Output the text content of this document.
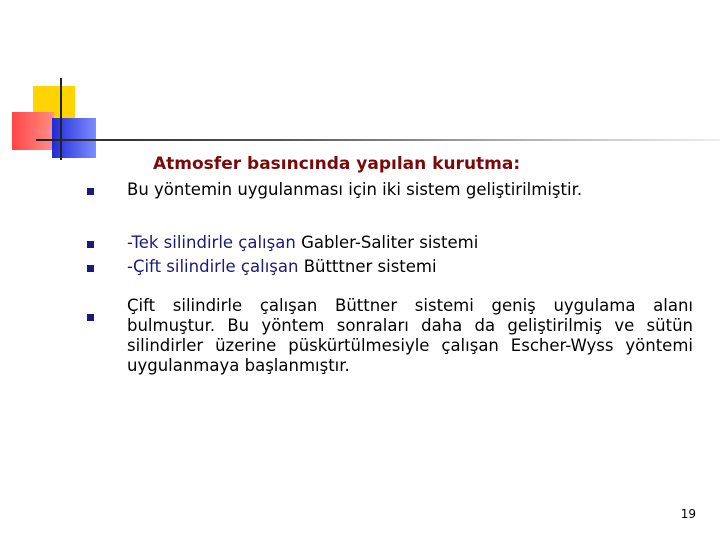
Atmosfer basıncında yapılan kurutma:
Bu yöntemin uygulanması için iki sistem geliştirilmiştir.
-Tek silindirle çalışan Gabler-Saliter sistemi
-Çift silindirle çalışan Bütttner sistemi
Çift silindirle çalışan Büttner sistemi geniş uygulama alanı
bulmuştur. Bu yöntem sonraları daha da geliştirilmiş ve sütün
silindirler üzerine püskürtülmesiyle çalışan Escher-Wyss yöntemi
uygulanmaya başlanmıştır.
19
